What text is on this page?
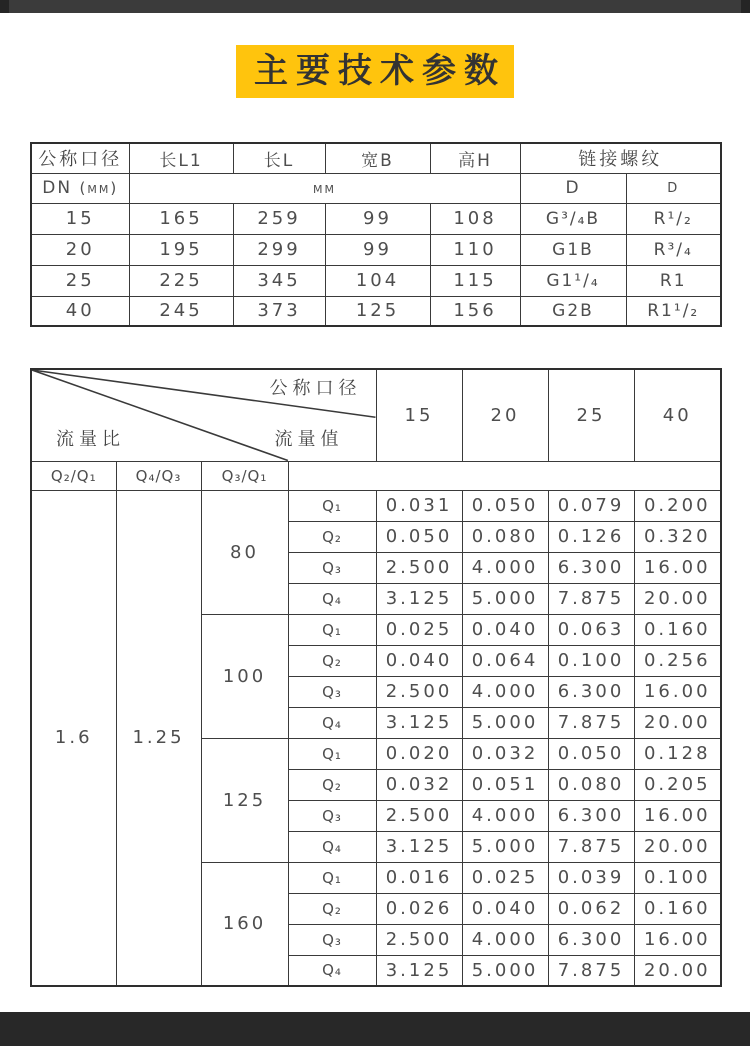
主要技术参数
公称口径	长L1	长L	宽B	高H	链接螺纹	
DN (mm)	mm				D	D
15	165	259	99	108	G³/₄B	R¹/₂
20	195	299	99	110	G1B	R³/₄
25	225	345	104	115	G1¹/₄	R1
40	245	373	125	156	G2B	R1¹/₂
公称口径
流量值
流量比				15	20	25	40
Q₂/Q₁	Q₄/Q₃	Q₃/Q₁					
1.6	1.25	80	Q₁	0.031	0.050	0.079	0.200
			Q₂	0.050	0.080	0.126	0.320
			Q₃	2.500	4.000	6.300	16.00
			Q₄	3.125	5.000	7.875	20.00
		100	Q₁	0.025	0.040	0.063	0.160
			Q₂	0.040	0.064	0.100	0.256
			Q₃	2.500	4.000	6.300	16.00
			Q₄	3.125	5.000	7.875	20.00
		125	Q₁	0.020	0.032	0.050	0.128
			Q₂	0.032	0.051	0.080	0.205
			Q₃	2.500	4.000	6.300	16.00
			Q₄	3.125	5.000	7.875	20.00
		160	Q₁	0.016	0.025	0.039	0.100
			Q₂	0.026	0.040	0.062	0.160
			Q₃	2.500	4.000	6.300	16.00
			Q₄	3.125	5.000	7.875	20.00
